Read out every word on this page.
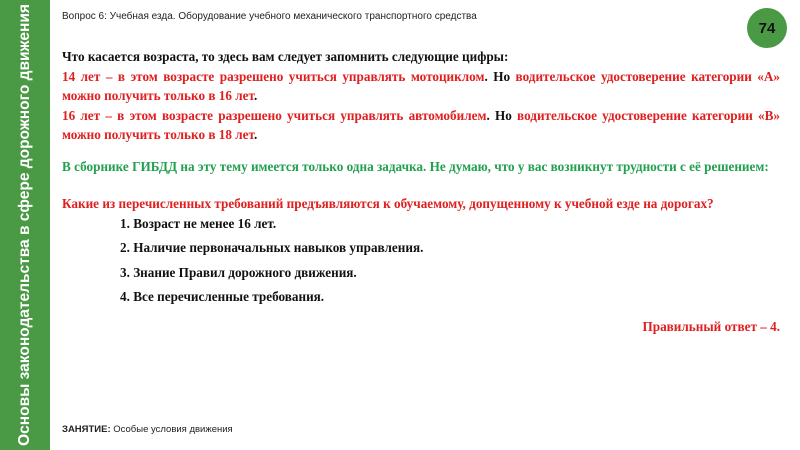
Основы законодательства в сфере дорожного движения	Вопрос 6: Учебная езда. Оборудование учебного механического транспортного средства
74

Что касается возраста, то здесь вам следует запомнить следующие цифры:

14 лет – в этом возрасте разрешено учиться управлять мотоциклом. Но водительское удостоверение категории «А» можно получить только в 16 лет.

16 лет – в этом возрасте разрешено учиться управлять автомобилем. Но водительское удостоверение категории «В» можно получить только в 18 лет.

В сборнике ГИБДД на эту тему имеется только одна задачка. Не думаю, что у вас возникнут трудности с её решением:

Какие из перечисленных требований предъявляются к обучаемому, допущенному к учебной езде на дорогах?

1. Возраст не менее 16 лет.

2. Наличие первоначальных навыков управления.

3. Знание Правил дорожного движения.

4. Все перечисленные требования.

Правильный ответ – 4.

ЗАНЯТИЕ: Особые условия движения
